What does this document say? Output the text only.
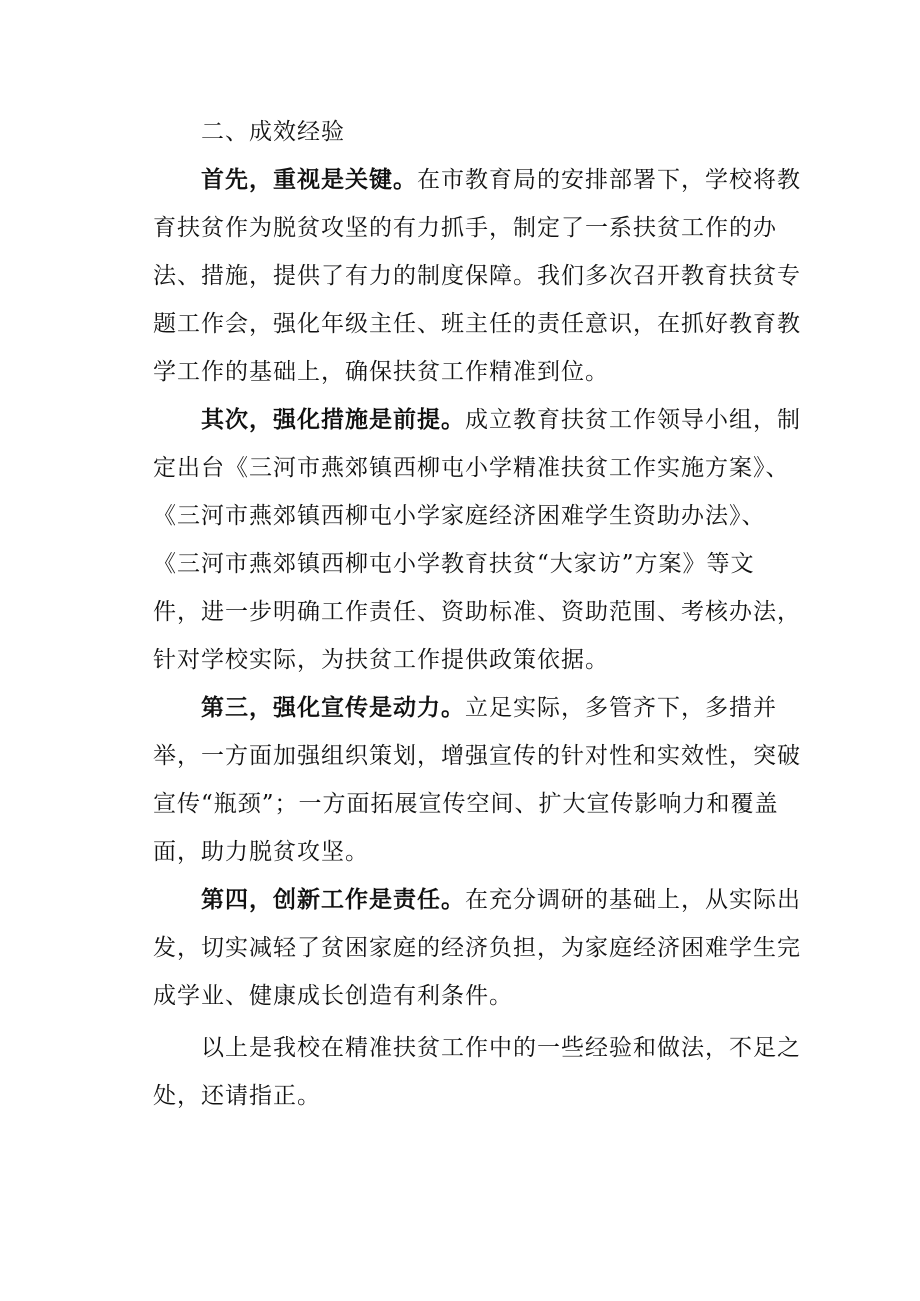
二、成效经验
首先，重视是关键。在市教育局的安排部署下，学校将教
育扶贫作为脱贫攻坚的有力抓手，制定了一系扶贫工作的办
法、措施，提供了有力的制度保障。我们多次召开教育扶贫专
题工作会，强化年级主任、班主任的责任意识，在抓好教育教
学工作的基础上，确保扶贫工作精准到位。
其次，强化措施是前提。成立教育扶贫工作领导小组，制
定出台《三河市燕郊镇西柳屯小学精准扶贫工作实施方案》、
《三河市燕郊镇西柳屯小学家庭经济困难学生资助办法》、
《三河市燕郊镇西柳屯小学教育扶贫“大家访”方案》等文
件，进一步明确工作责任、资助标准、资助范围、考核办法，
针对学校实际，为扶贫工作提供政策依据。
第三，强化宣传是动力。立足实际，多管齐下，多措并
举，一方面加强组织策划，增强宣传的针对性和实效性，突破
宣传“瓶颈”；一方面拓展宣传空间、扩大宣传影响力和覆盖
面，助力脱贫攻坚。
第四，创新工作是责任。在充分调研的基础上，从实际出
发，切实减轻了贫困家庭的经济负担，为家庭经济困难学生完
成学业、健康成长创造有利条件。
以上是我校在精准扶贫工作中的一些经验和做法，不足之
处，还请指正。
